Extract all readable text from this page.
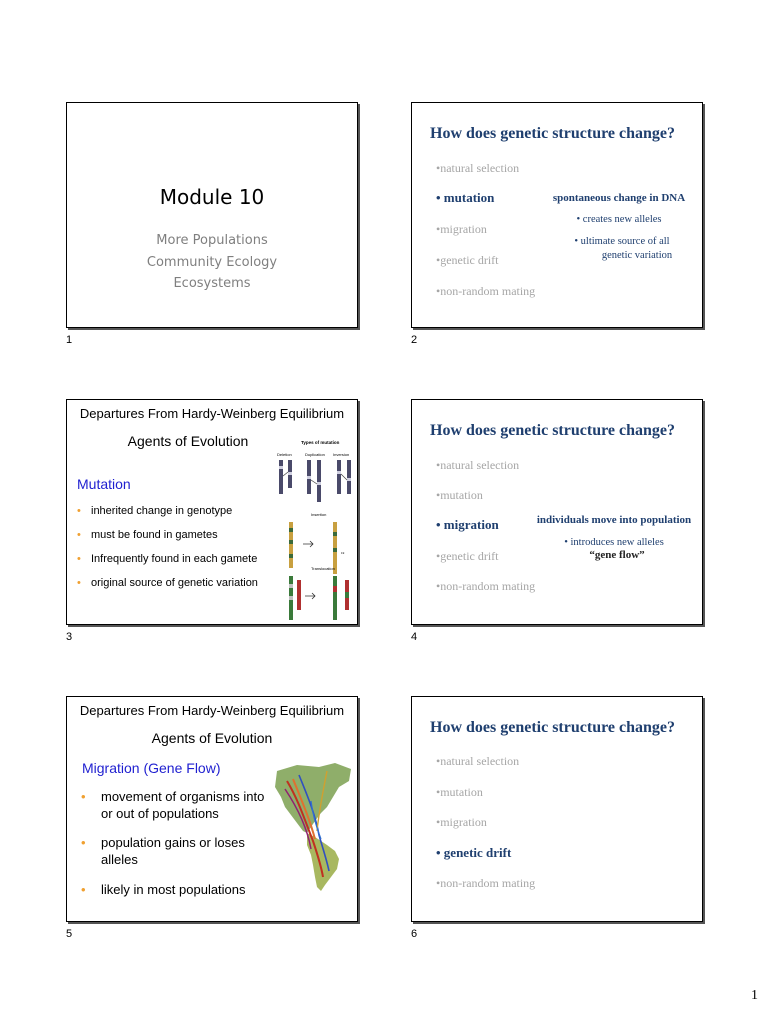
Module 10
More Populations
Community Ecology
Ecosystems
1
How does genetic structure change?
•natural selection
• mutation
•migration
•genetic drift
•non-random mating
spontaneous change in DNA
• creates new alleles
• ultimate source of all
genetic variation
2
Departures From Hardy-Weinberg Equilibrium
Agents of Evolution
Mutation
• inherited change in genotype
• must be found in gametes
• Infrequently found in each gamete
• original source of genetic variation
Types of mutation
Deletion	Duplication Inversion
Insertion
19
Translocation
3
How does genetic structure change?
•natural selection
•mutation
• migration
•genetic drift
•non-random mating
individuals move into population
• introduces new alleles
“gene flow”
4
Departures From Hardy-Weinberg Equilibrium
Agents of Evolution
Migration (Gene Flow)
• movement of organisms into
or out of populations
• population gains or loses
alleles
• likely in most populations
5
How does genetic structure change?
•natural selection
•mutation
•migration
• genetic drift
•non-random mating
6
1
